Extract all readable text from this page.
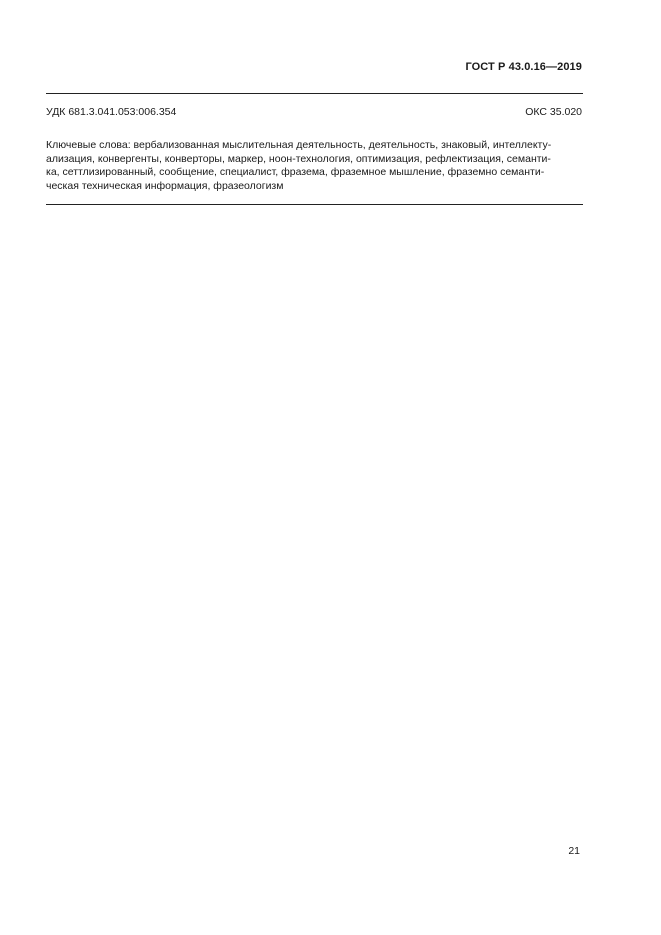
ГОСТ Р 43.0.16—2019
УДК 681.3.041.053:006.354	ОКС 35.020
Ключевые слова: вербализованная мыслительная деятельность, деятельность, знаковый, интеллекту-
ализация, конвергенты, конверторы, маркер, ноон-технология, оптимизация, рефлектизация, семанти-
ка, сеттлизированный, сообщение, специалист, фразема, фраземное мышление, фраземно семанти-
ческая техническая информация, фразеологизм
21
